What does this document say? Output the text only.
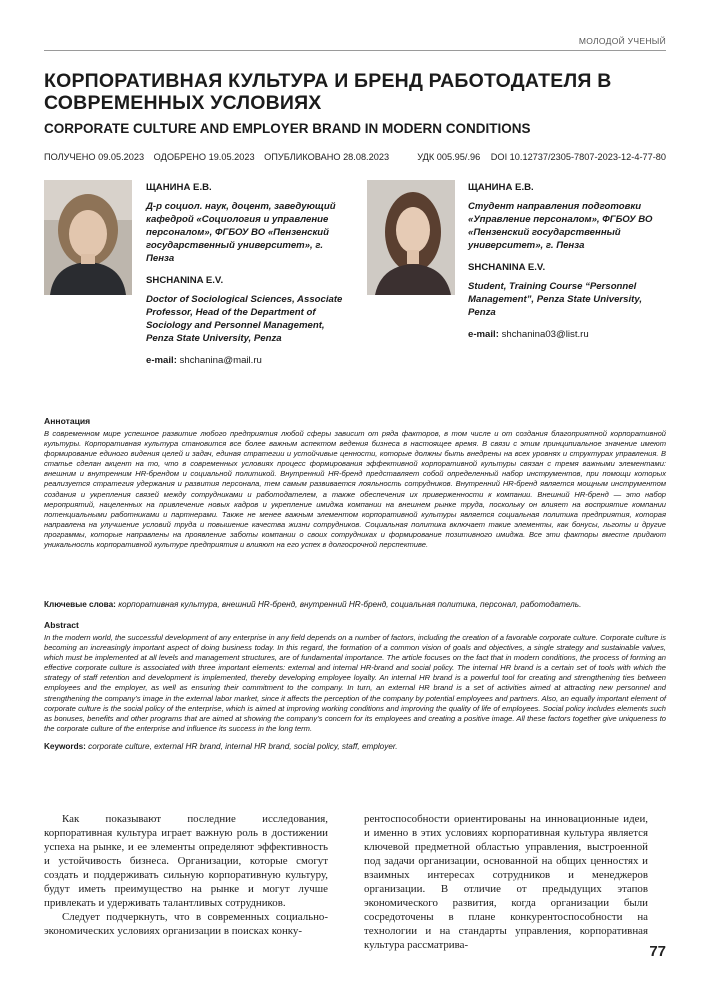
МОЛОДОЙ УЧЕНЫЙ
КОРПОРАТИВНАЯ КУЛЬТУРА И БРЕНД РАБОТОДАТЕЛЯ В СОВРЕМЕННЫХ УСЛОВИЯХ
CORPORATE CULTURE AND EMPLOYER BRAND IN MODERN CONDITIONS
ПОЛУЧЕНО 09.05.2023 ОДОБРЕНО 19.05.2023 ОПУБЛИКОВАНО 28.08.2023	УДК 005.95/.96 DOI 10.12737/2305-7807-2023-12-4-77-80

ЩАНИНА Е.В.

Д-р социол. наук, доцент, заведующий кафедрой «Социология и управление персоналом», ФГБОУ ВО «Пензенский государственный университет», г. Пенза

SHCHANINA E.V.

Doctor of Sociological Sciences, Associate Professor, Head of the Department of Sociology and Personnel Management, Penza State University, Penza

e-mail: shchanina@mail.ru

ЩАНИНА Е.В.

Студент направления подготовки «Управление персоналом», ФГБОУ ВО «Пензенский государственный университет», г. Пенза

SHCHANINA E.V.

Student, Training Course “Personnel Management”, Penza State University, Penza

e-mail: shchanina03@list.ru

Аннотация

В современном мире успешное развитие любого предприятия любой сферы зависит от ряда факторов, в том числе и от создания благоприятной корпоративной культуры. Корпоративная культура становится все более важным аспектом ведения бизнеса в настоящее время. В связи с этим принципиальное значение имеют формирование единого видения целей и задач, единая стратегии и устойчивые ценности, которые должны быть внедрены на всех уровнях и структурах управления. В статье сделан акцент на то, что в современных условиях процесс формирования эффективной корпоративной культуры связан с тремя важными элементами: внешним и внутренним HR-брендом и социальной политикой. Внутренний HR-бренд представляет собой определенный набор инструментов, при помощи которых реализуется стратегия удержания и развития персонала, тем самым развивается лояльность сотрудников. Внутренний HR-бренд является мощным инструментом создания и укрепления связей между сотрудниками и работодателем, а также обеспечения их приверженности к компании. Внешний HR-бренд — это набор мероприятий, нацеленных на привлечение новых кадров и укрепление имиджа компании на внешнем рынке труда, поскольку он влияет на восприятие компании потенциальными работниками и партнерами. Также не менее важным элементом корпоративной культуры является социальная политика предприятия, которая направлена на улучшение условий труда и повышение качества жизни сотрудников. Социальная политика включает такие элементы, как бонусы, льготы и другие программы, которые направлены на проявление заботы компании о своих сотрудниках и формирование позитивного имиджа. Все эти факторы вместе придают уникальность корпоративной культуре предприятия и влияют на его успех в долгосрочной перспективе.

Ключевые слова: корпоративная культура, внешний HR-бренд, внутренний HR-бренд, социальная политика, персонал, работодатель.
Abstract

In the modern world, the successful development of any enterprise in any field depends on a number of factors, including the creation of a favorable corporate culture. Corporate culture is becoming an increasingly important aspect of doing business today. In this regard, the formation of a common vision of goals and objectives, a single strategy and sustainable values, which must be implemented at all levels and management structures, are of fundamental importance. The article focuses on the fact that in modern conditions, the process of forming an effective corporate culture is associated with three important elements: external and internal HR-brand and social policy. The internal HR brand is a certain set of tools with which the strategy of staff retention and development is implemented, thereby developing employee loyalty. An internal HR brand is a powerful tool for creating and strengthening ties between employees and the employer, as well as ensuring their commitment to the company. In turn, an external HR brand is a set of activities aimed at attracting new personnel and strengthening the company’s image in the external labor market, since it affects the perception of the company by potential employees and partners. Also, an equally important element of corporate culture is the social policy of the enterprise, which is aimed at improving working conditions and improving the quality of life of employees. Social policy includes elements such as bonuses, benefits and other programs that are aimed at showing the company’s concern for its employees and creating a positive image. All these factors together give uniqueness to the corporate culture of the enterprise and influence its success in the long term.

Keywords: corporate culture, external HR brand, internal HR brand, social policy, staff, employer.

Как показывают последние исследования, корпоративная культура играет важную роль в достижении успеха на рынке, и ее элементы определяют эффективность и устойчивость бизнеса. Организации, которые смогут создать и поддерживать сильную корпоративную культуру, будут иметь преимущество на рынке и могут лучше привлекать и удерживать талантливых сотрудников.

Следует подчеркнуть, что в современных социально-экономических условиях организации в поисках конку-

рентоспособности ориентированы на инновационные идеи, и именно в этих условиях корпоративная культура является ключевой предметной областью управления, выстроенной под задачи организации, основанной на общих ценностях и взаимных интересах сотрудников и менеджеров организации. В отличие от предыдущих этапов экономического развития, когда организации были сосредоточены в плане конкурентоспособности на технологии и на стандарты управления, корпоративная культура рассматрива-	77
